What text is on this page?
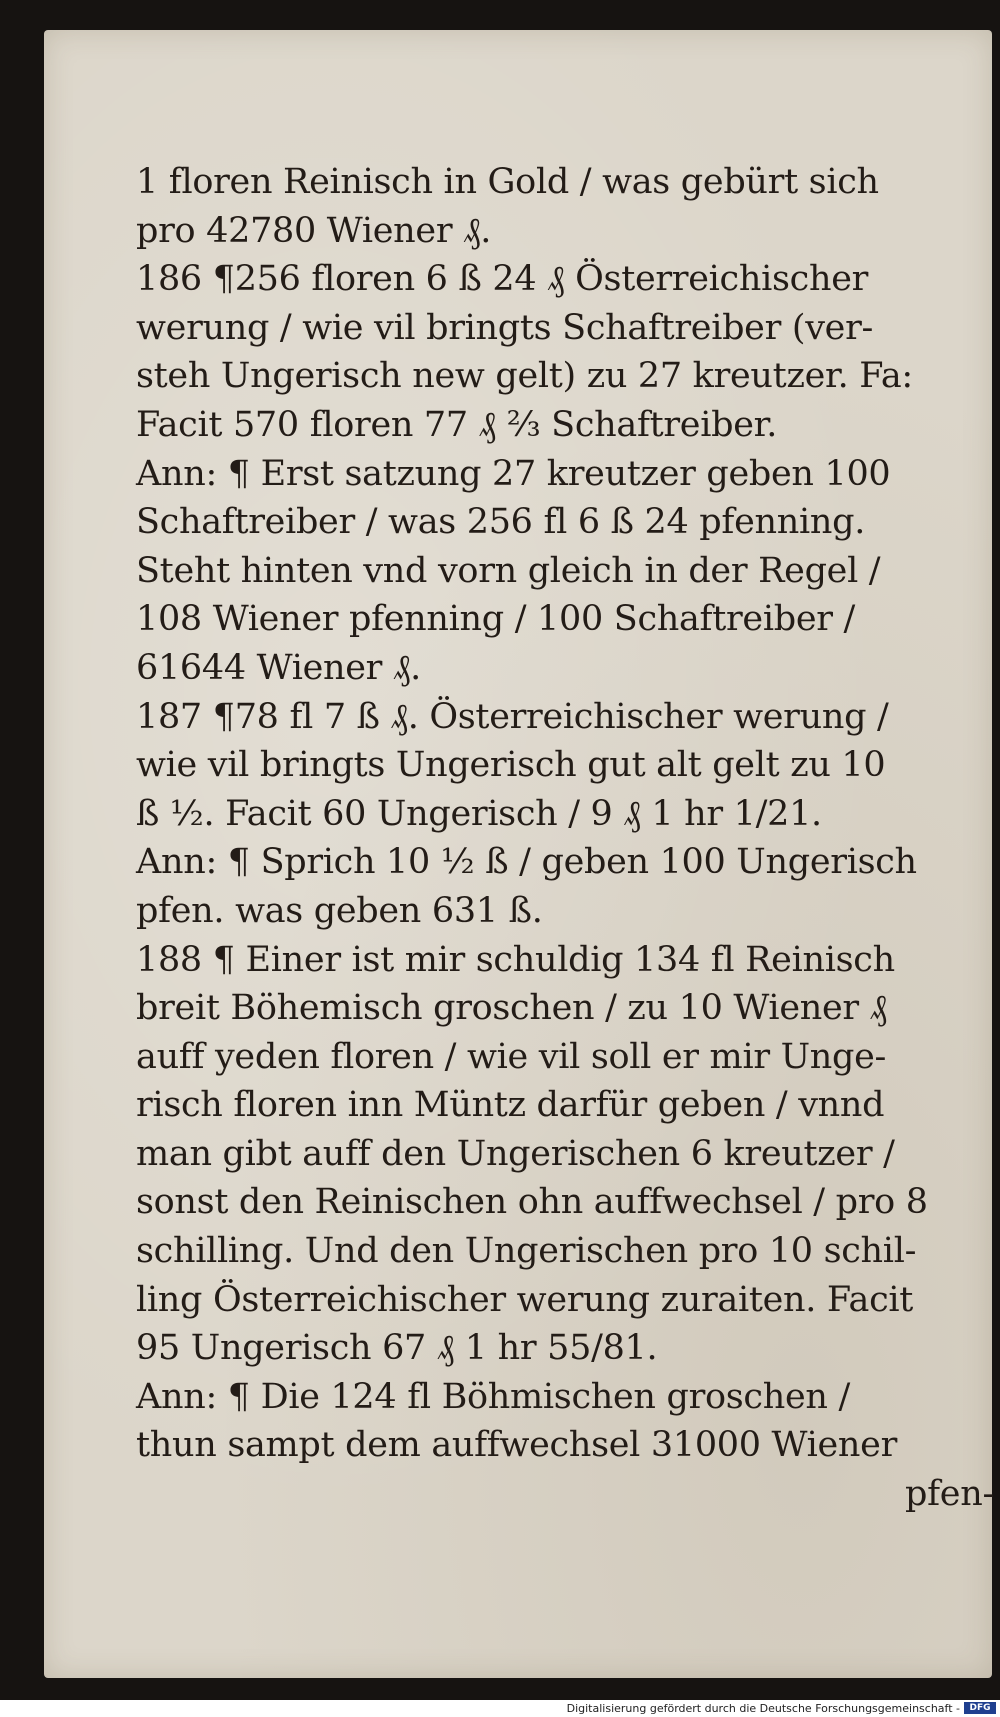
1 floren Reinisch in Gold / was gebürt sich
pro 42780 Wiener ₰.
186 ¶256 floren 6 ß 24 ₰ Österreichischer
werung / wie vil bringts Schaftreiber (ver-
steh Ungerisch new gelt) zu 27 kreutzer. Fa:
Facit 570 floren 77 ₰ ⅔ Schaftreiber.
Ann: ¶ Erst satzung 27 kreutzer geben 100
Schaftreiber / was 256 fl 6 ß 24 pfenning.
Steht hinten vnd vorn gleich in der Regel /
108 Wiener pfenning / 100 Schaftreiber /
61644 Wiener ₰.
187 ¶78 fl 7 ß ₰. Österreichischer werung /
wie vil bringts Ungerisch gut alt gelt zu 10
ß ½. Facit 60 Ungerisch / 9 ₰ 1 hr 1/21.
Ann: ¶ Sprich 10 ½ ß / geben 100 Ungerisch
pfen. was geben 631 ß.
188 ¶ Einer ist mir schuldig 134 fl Reinisch
breit Böhemisch groschen / zu 10 Wiener ₰
auff yeden floren / wie vil soll er mir Unge-
risch floren inn Müntz darfür geben / vnnd
man gibt auff den Ungerischen 6 kreutzer /
sonst den Reinischen ohn auffwechsel / pro 8
schilling. Und den Ungerischen pro 10 schil-
ling Österreichischer werung zuraiten. Facit
95 Ungerisch 67 ₰ 1 hr 55/81.
Ann: ¶ Die 124 fl Böhmischen groschen /
thun sampt dem auffwechsel 31000 Wiener
pfen-
Digitalisierung gefördert durch die Deutsche Forschungsgemeinschaft -	DFG
